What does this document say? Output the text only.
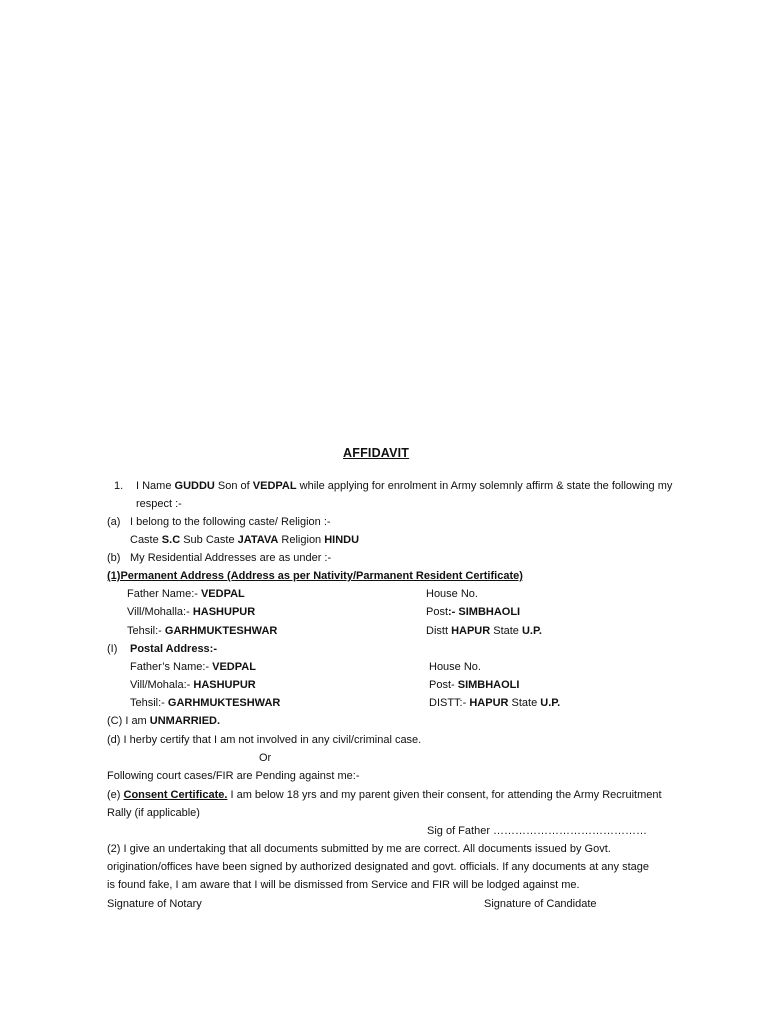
AFFIDAVIT
1. I Name GUDDU Son of VEDPAL while applying for enrolment in Army solemnly affirm & state the following my
respect :-
(a) I belong to the following caste/ Religion :-
Caste S.C Sub Caste JATAVA Religion HINDU
(b) My Residential Addresses are as under :-
(1)Permanent Address (Address as per Nativity/Parmanent Resident Certificate)
Father Name:- VEDPAL	House No.
Vill/Mohalla:- HASHUPUR	Post:- SIMBHAOLI
Tehsil:- GARHMUKTESHWAR	Distt HAPUR State U.P.
(I) Postal Address:-
Father’s Name:- VEDPAL	House No.
Vill/Mohala:- HASHUPUR	Post- SIMBHAOLI
Tehsil:- GARHMUKTESHWAR	DISTT:- HAPUR State U.P.
(C) I am UNMARRIED.
(d) I herby certify that I am not involved in any civil/criminal case.
Or
Following court cases/FIR are Pending against me:-
(e) Consent Certificate. I am below 18 yrs and my parent given their consent, for attending the Army Recruitment
Rally (if applicable)
Sig of Father ……………………………………
(2) I give an undertaking that all documents submitted by me are correct. All documents issued by Govt.
origination/offices have been signed by authorized designated and govt. officials. If any documents at any stage
is found fake, I am aware that I will be dismissed from Service and FIR will be lodged against me.
Signature of Notary	Signature of Candidate
